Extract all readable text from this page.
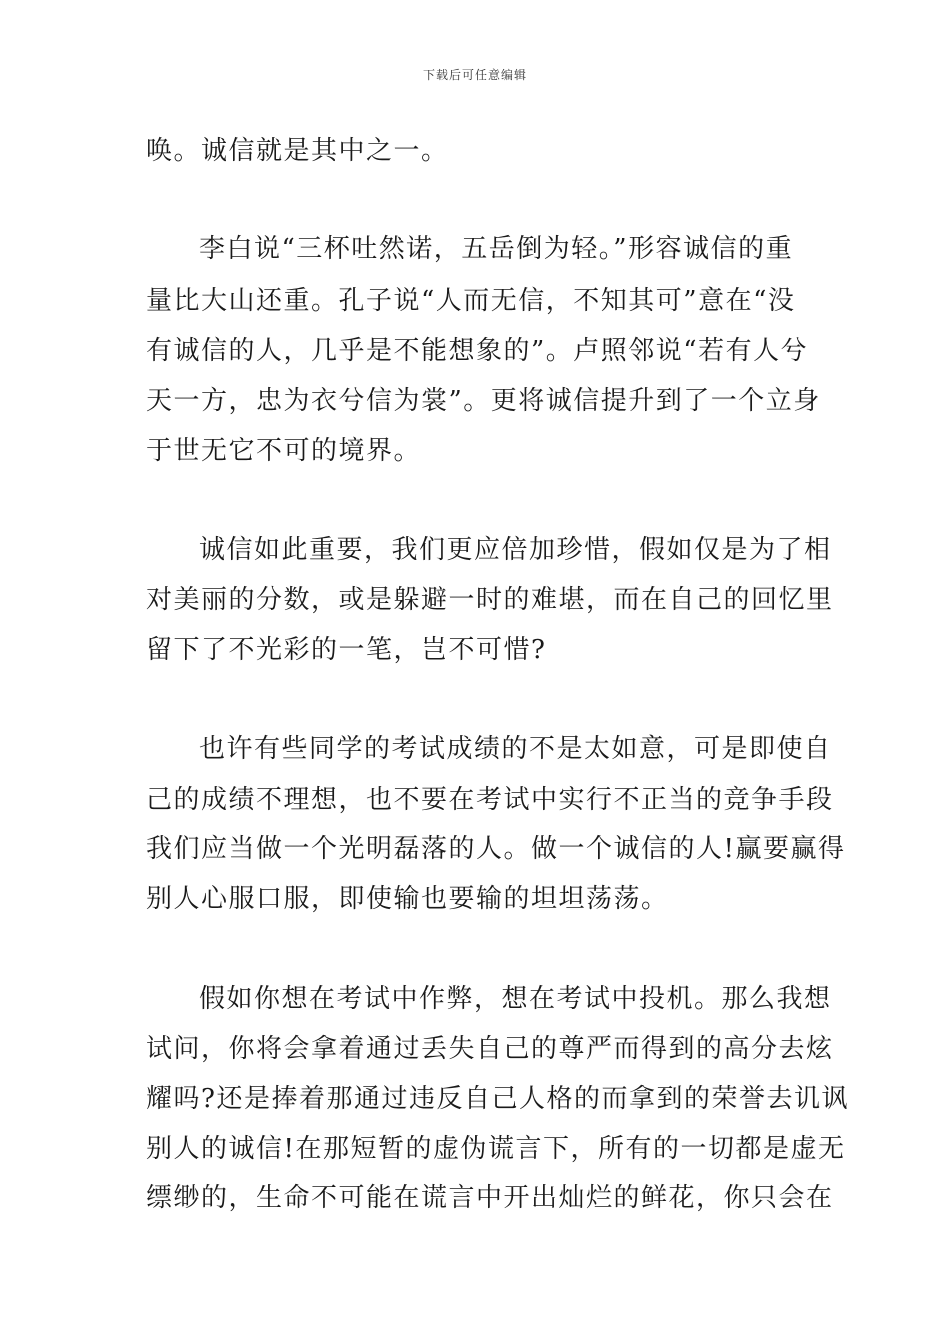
下载后可任意编辑
唤。诚信就是其中之一。
李白说“三杯吐然诺，五岳倒为轻。”形容诚信的重
量比大山还重。孔子说“人而无信，不知其可”意在“没
有诚信的人，几乎是不能想象的”。卢照邻说“若有人兮
天一方，忠为衣兮信为裳”。更将诚信提升到了一个立身
于世无它不可的境界。
诚信如此重要，我们更应倍加珍惜，假如仅是为了相
对美丽的分数，或是躲避一时的难堪，而在自己的回忆里
留下了不光彩的一笔，岂不可惜?
也许有些同学的考试成绩的不是太如意，可是即使自
己的成绩不理想，也不要在考试中实行不正当的竞争手段
我们应当做一个光明磊落的人。做一个诚信的人!赢要赢得
别人心服口服，即使输也要输的坦坦荡荡。
假如你想在考试中作弊，想在考试中投机。那么我想
试问，你将会拿着通过丢失自己的尊严而得到的高分去炫
耀吗?还是捧着那通过违反自己人格的而拿到的荣誉去讥讽
别人的诚信!在那短暂的虚伪谎言下，所有的一切都是虚无
缥缈的，生命不可能在谎言中开出灿烂的鲜花，你只会在
